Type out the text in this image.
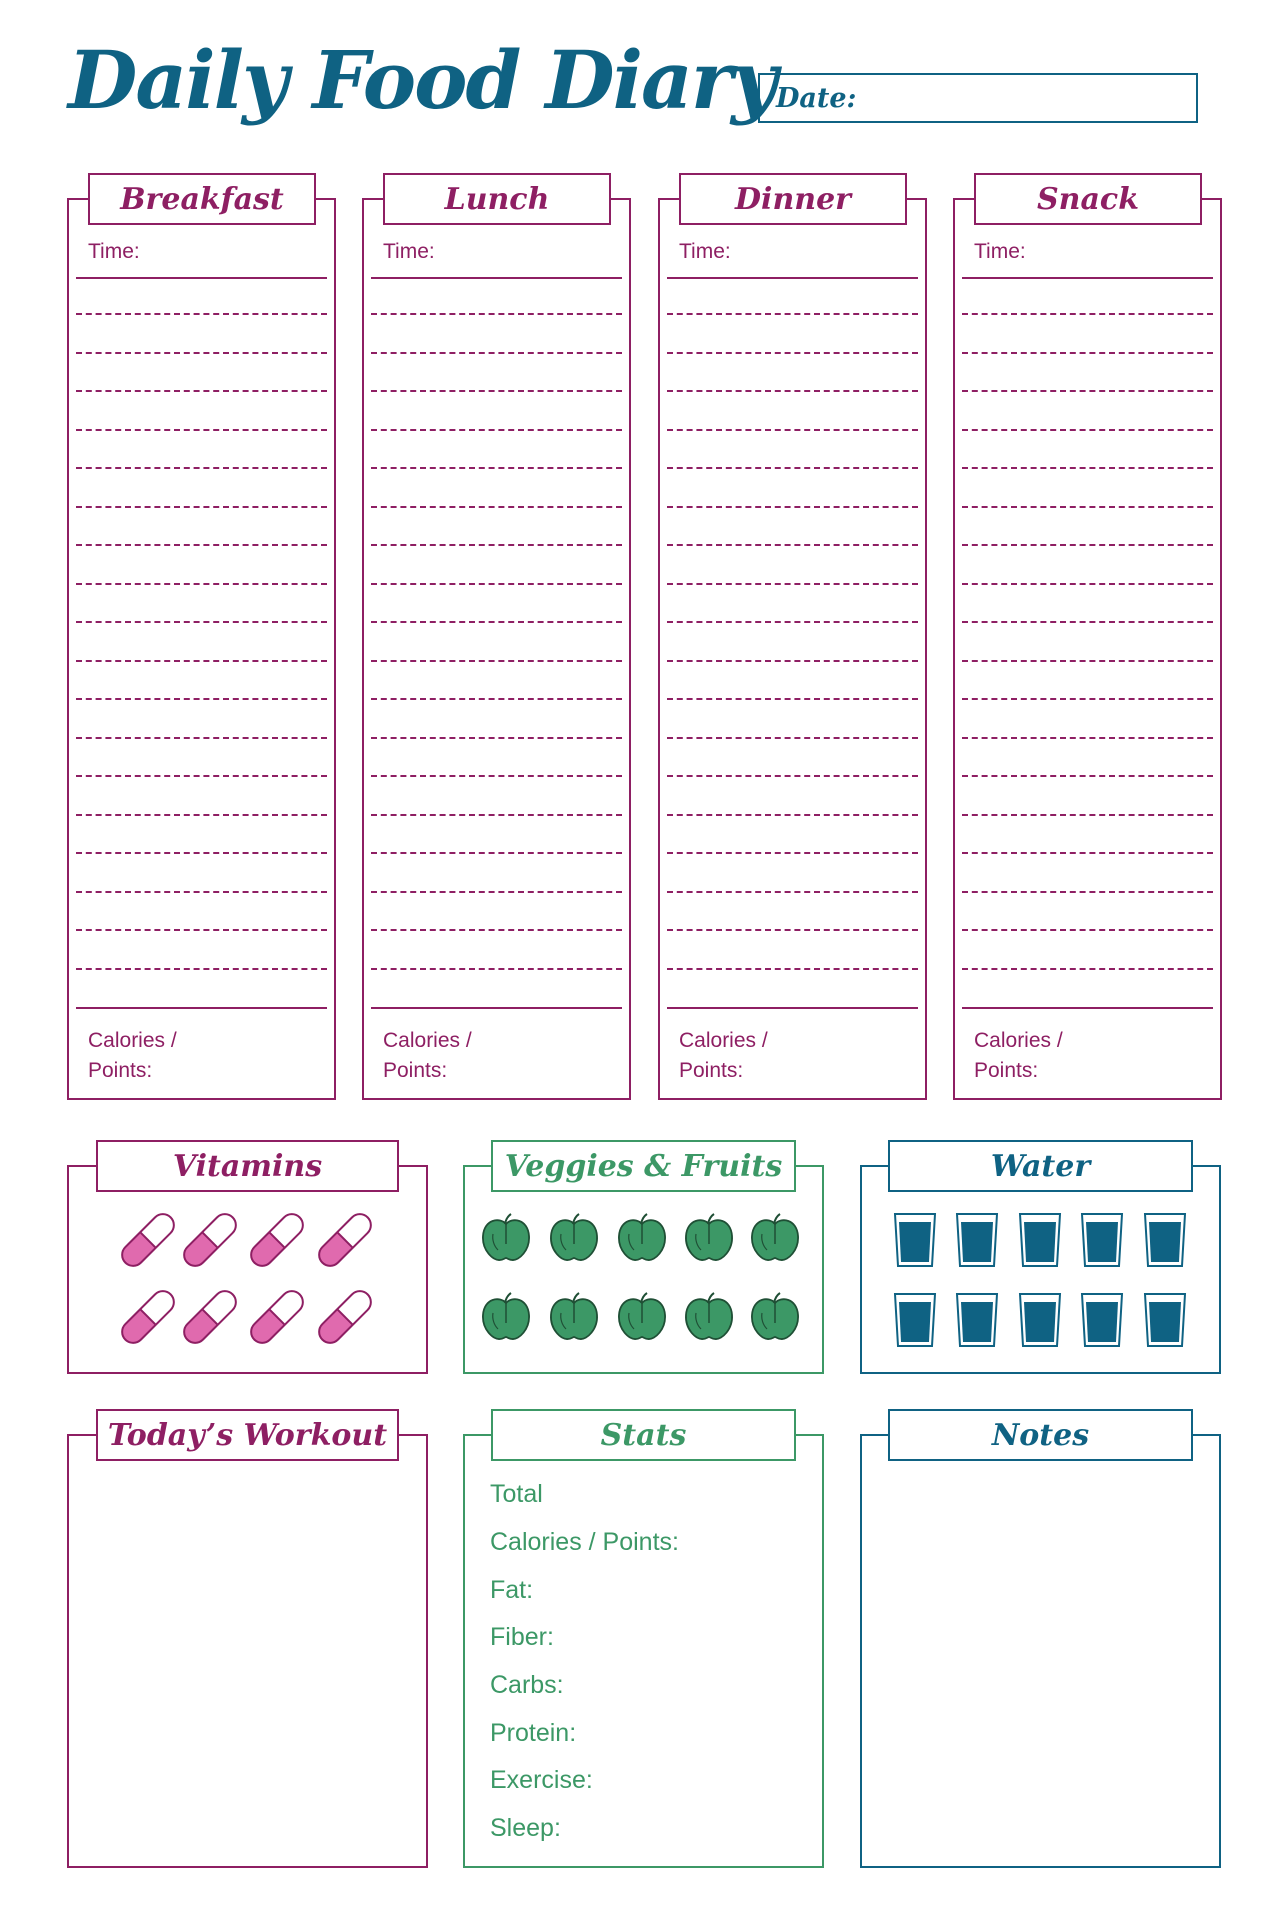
Daily Food Diary Date:
Breakfast
Time:
Calories /
Points:
Lunch
Time:
Calories /
Points:
Dinner
Time:
Calories /
Points:
Snack
Time:
Calories /
Points:
Vitamins	Veggies & Fruits	Water
Today’s Workout	Stats
Total
Calories / Points:
Fat:
Fiber:
Carbs:
Protein:
Exercise:
Sleep:
Notes
